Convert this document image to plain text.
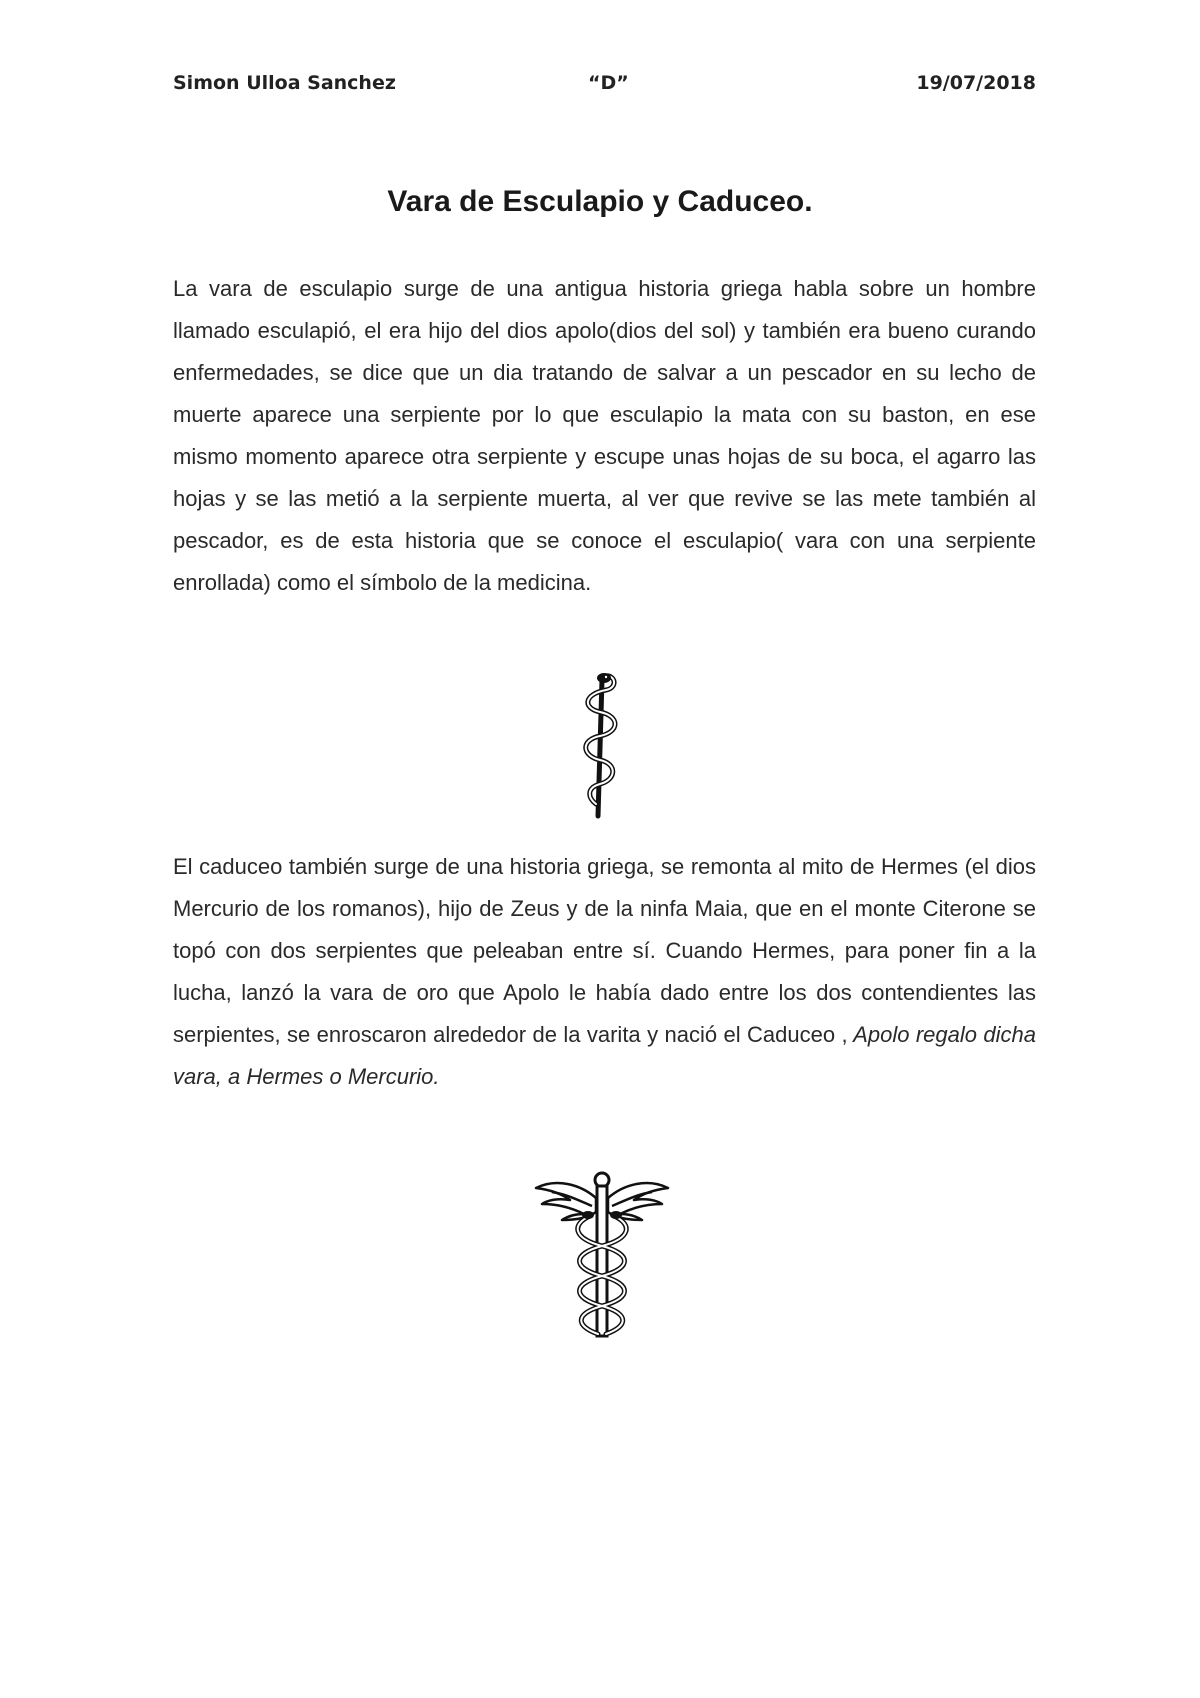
Simon Ulloa Sanchez	“D”	19/07/2018
Vara de Esculapio y Caduceo.

La vara de esculapio surge de una antigua historia griega habla sobre un hombre llamado esculapió, el era hijo del dios apolo(dios del sol) y también era bueno curando enfermedades, se dice que un dia tratando de salvar a un pescador en su lecho de muerte aparece una serpiente por lo que esculapio la mata con su baston, en ese mismo momento aparece otra serpiente y escupe unas hojas de su boca, el agarro las hojas y se las metió a la serpiente muerta, al ver que revive se las mete también al pescador, es de esta historia que se conoce el esculapio( vara con una serpiente enrollada) como el símbolo de la medicina.

El caduceo también surge de una historia griega, se remonta al mito de Hermes (el dios Mercurio de los romanos), hijo de Zeus y de la ninfa Maia, que en el monte Citerone se topó con dos serpientes que peleaban entre sí. Cuando Hermes, para poner fin a la lucha, lanzó la vara de oro que Apolo le había dado entre los dos contendientes las serpientes, se enroscaron alrededor de la varita y nació el Caduceo , Apolo regalo dicha vara, a Hermes o Mercurio.
